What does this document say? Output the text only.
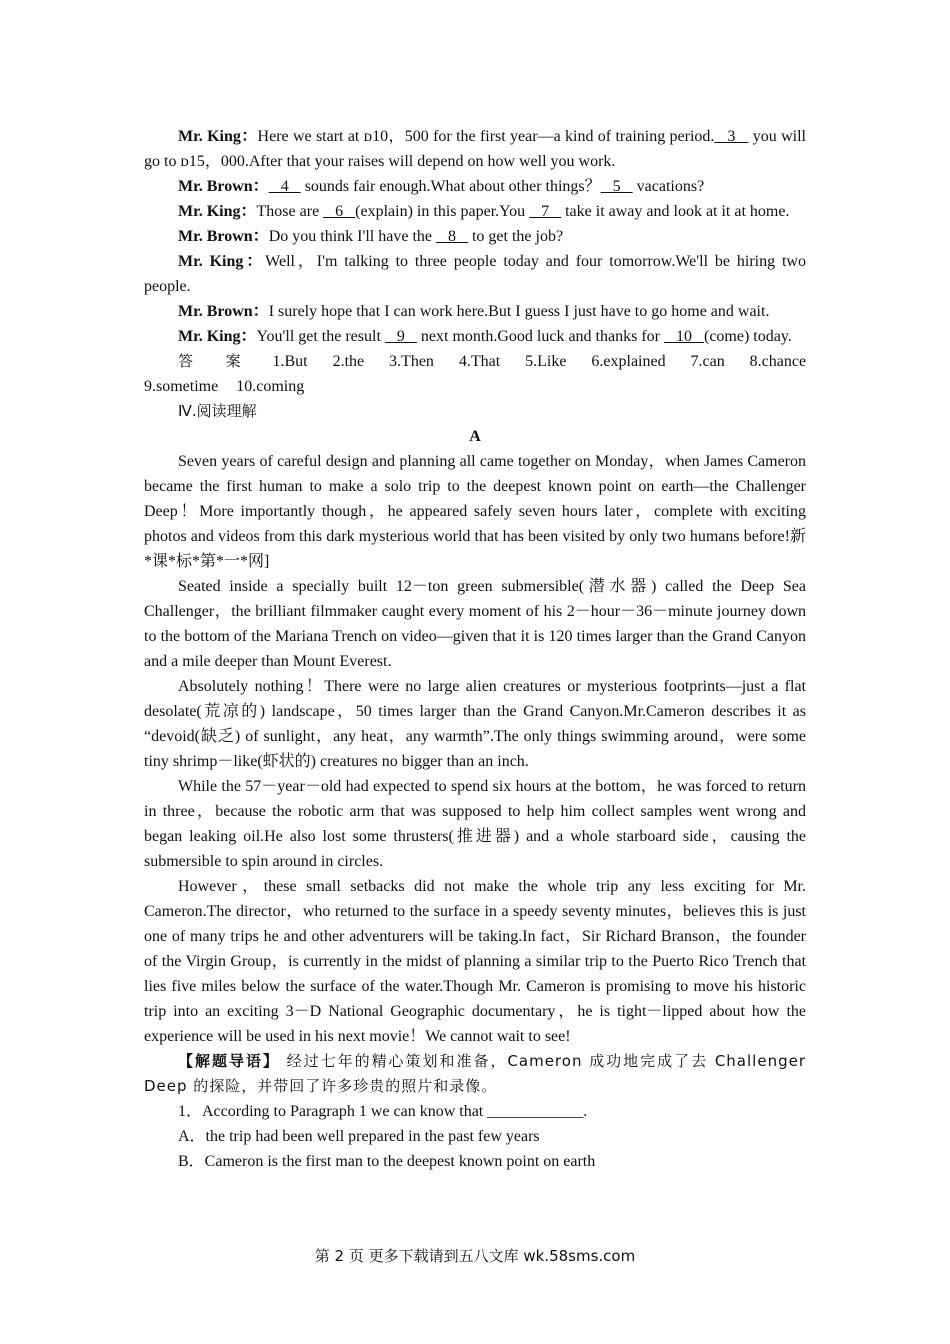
Mr. King：Here we start at ᴅ10，500 for the first year—a kind of training period.   3    you will go to ᴅ15，000.After that your raises will depend on how well you work.

Mr. Brown：   4    sounds fair enough.What about other things？   5    vacations?

Mr. King：Those are    6   (explain) in this paper.You    7    take it away and look at it at home.

Mr. Brown：Do you think I'll have the    8    to get the job?

Mr. King：Well，I'm talking to three people today and four tomorrow.We'll be hiring two people.

Mr. Brown：I surely hope that I can work here.But I guess I just have to go home and wait.

Mr. King：You'll get the result    9    next month.Good luck and thanks for    10   (come) today.

答 案 1.But 2.the 3.Then 4.That 5.Like 6.explained 7.can 8.chance 9.sometime 10.coming

Ⅳ.阅读理解

A

Seven years of careful design and planning all came together on Monday，when James Cameron became the first human to make a solo trip to the deepest known point on earth—the Challenger Deep！More importantly though，he appeared safely seven hours later，complete with exciting photos and videos from this dark mysterious world that has been visited by only two humans before!新*课*标*第*一*网]

Seated inside a specially built 12－ton green submersible(潜水器) called the Deep Sea Challenger，the brilliant filmmaker caught every moment of his 2－hour－36－minute journey down to the bottom of the Mariana Trench on video—given that it is 120 times larger than the Grand Canyon and a mile deeper than Mount Everest.

Absolutely nothing！There were no large alien creatures or mysterious footprints—just a flat desolate(荒凉的) landscape，50 times larger than the Grand Canyon.Mr.Cameron describes it as “devoid(缺乏) of sunlight，any heat，any warmth”.The only things swimming around，were some tiny shrimp－like(虾状的) creatures no bigger than an inch.

While the 57－year－old had expected to spend six hours at the bottom，he was forced to return in three，because the robotic arm that was supposed to help him collect samples went wrong and began leaking oil.He also lost some thrusters(推进器) and a whole starboard side，causing the submersible to spin around in circles.

However，these small setbacks did not make the whole trip any less exciting for Mr. Cameron.The director，who returned to the surface in a speedy seventy minutes，believes this is just one of many trips he and other adventurers will be taking.In fact，Sir Richard Branson，the founder of the Virgin Group，is currently in the midst of planning a similar trip to the Puerto Rico Trench that lies five miles below the surface of the water.Though Mr. Cameron is promising to move his historic trip into an exciting 3－D National Geographic documentary，he is tight－lipped about how the experience will be used in his next movie！We cannot wait to see!

【解题导语】 经过七年的精心策划和准备，Cameron 成功地完成了去 Challenger Deep 的探险，并带回了许多珍贵的照片和录像。

1．According to Paragraph 1 we can know that ____________.

A．the trip had been well prepared in the past few years

B．Cameron is the first man to the deepest known point on earth

第 2 页 更多下载请到五八文库 wk.58sms.com
